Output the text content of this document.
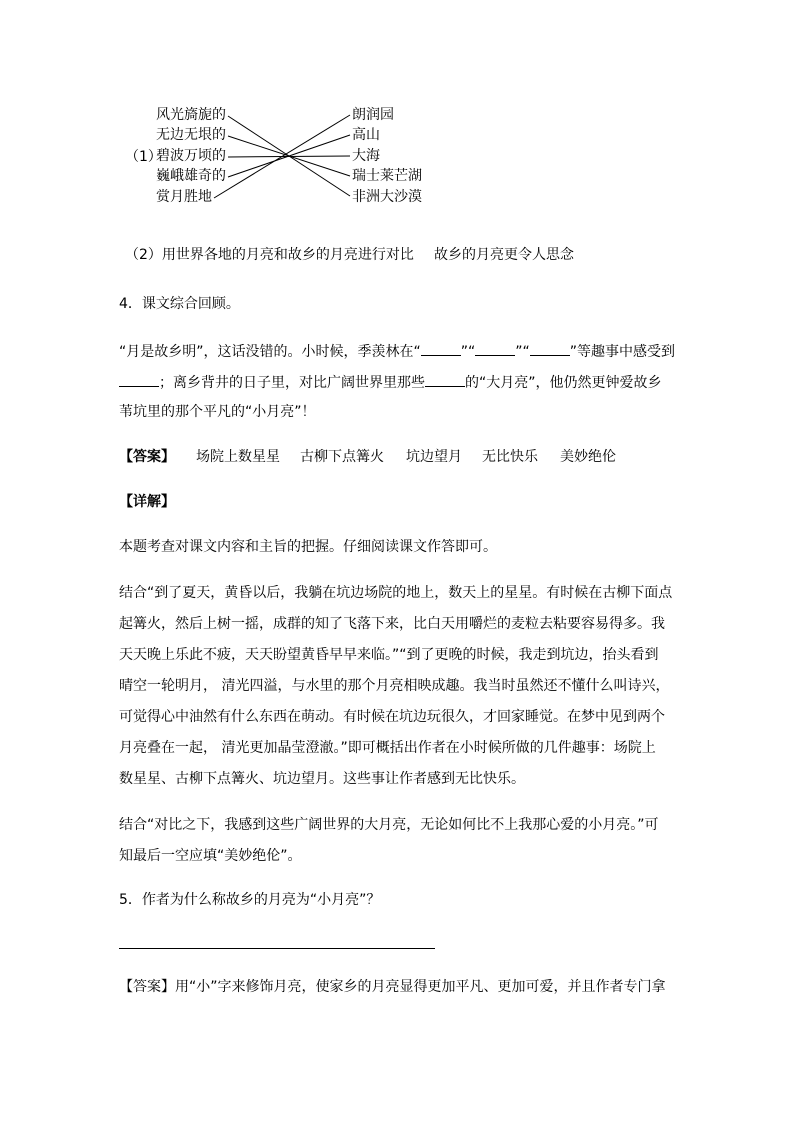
（1）
风光旖旎的
无边无垠的
碧波万顷的
巍峨雄奇的
赏月胜地
朗润园
高山
大海
瑞士莱芒湖
非洲大沙漠
（2）用世界各地的月亮和故乡的月亮进行对比 故乡的月亮更令人思念
4．课文综合回顾。
“月是故乡明”，这话没错的。小时候，季羡林在“	”“	”“	”等趣事中感受到
；离乡背井的日子里，对比广阔世界里那些	的“大月亮”，他仍然更钟爱故乡
苇坑里的那个平凡的“小月亮”！
【答案】 场院上数星星 古柳下点篝火 坑边望月 无比快乐 美妙绝伦
【详解】
本题考查对课文内容和主旨的把握。仔细阅读课文作答即可。
结合“到了夏天，黄昏以后，我躺在坑边场院的地上，数天上的星星。有时候在古柳下面点
起篝火，然后上树一摇，成群的知了飞落下来，比白天用嚼烂的麦粒去粘要容易得多。我
天天晚上乐此不疲，天天盼望黄昏早早来临。”“到了更晚的时候，我走到坑边，抬头看到
晴空一轮明月， 清光四溢，与水里的那个月亮相映成趣。我当时虽然还不懂什么叫诗兴，
可觉得心中油然有什么东西在萌动。有时候在坑边玩很久，才回家睡觉。在梦中见到两个
月亮叠在一起， 清光更加晶莹澄澈。”即可概括出作者在小时候所做的几件趣事：场院上
数星星、古柳下点篝火、坑边望月。这些事让作者感到无比快乐。
结合“对比之下，我感到这些广阔世界的大月亮，无论如何比不上我那心爱的小月亮。”可
知最后一空应填“美妙绝伦”。
5．作者为什么称故乡的月亮为“小月亮”？
【答案】用“小”字来修饰月亮，使家乡的月亮显得更加平凡、更加可爱，并且作者专门拿
